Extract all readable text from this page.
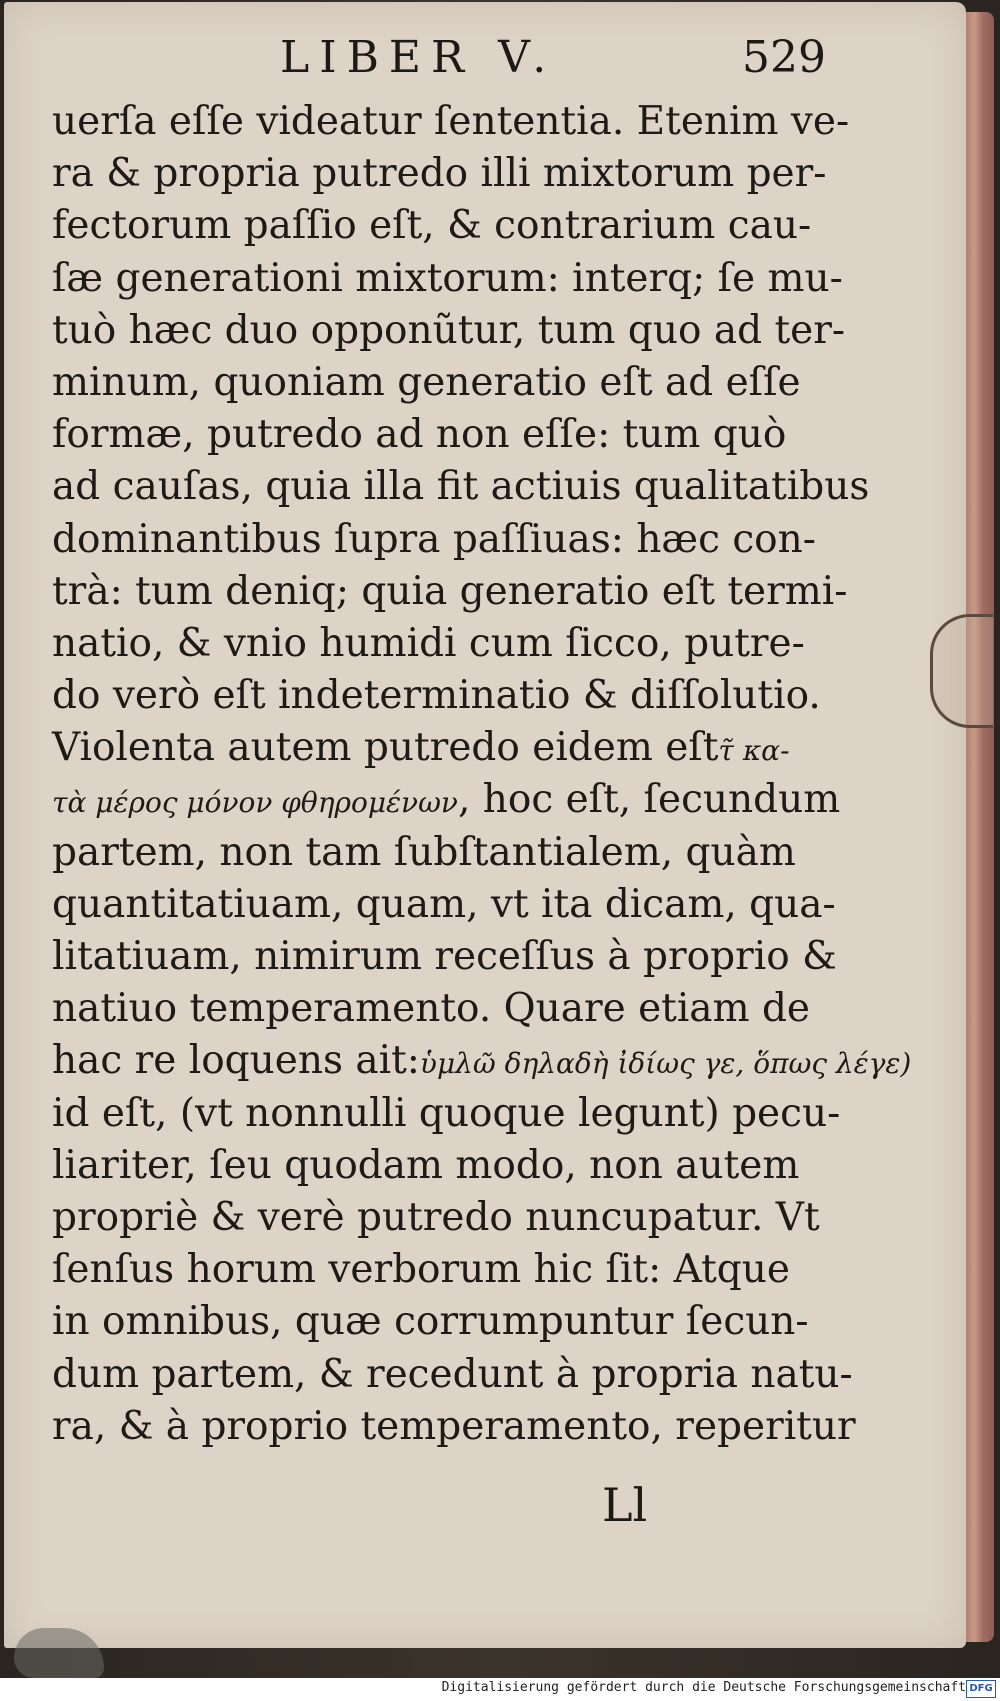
LIBER V.	529
uerſa eſſe videatur ſententia. Etenim ve-
ra & propria putredo illi mixtorum per-
fectorum paſſio eſt, & contrarium cau-
ſæ generationi mixtorum: interq; ſe mu-
tuò hæc duo opponũtur, tum quo ad ter-
minum, quoniam generatio eſt ad eſſe
formæ, putredo ad non eſſe: tum quò
ad cauſas, quia illa fit actiuis qualitatibus
dominantibus ſupra paſſiuas: hæc con-
trà: tum deniq; quia generatio eſt termi-
natio, & vnio humidi cum ſicco, putre-
do verò eſt indeterminatio & diſſolutio.
Violenta autem putredo eidem eſtτ̃ κα-
τὰ μέρος μόνον φθηρομένων, hoc eſt, ſecundum
partem, non tam ſubſtantialem, quàm
quantitatiuam, quam, vt ita dicam, qua-
litatiuam, nimirum receſſus à proprio &
natiuo temperamento. Quare etiam de
hac re loquens ait:ὑμλῶ δηλαδὴ ἰδίως γε, ὅπως λέγε)
id eſt, (vt nonnulli quoque legunt) pecu-
liariter, ſeu quodam modo, non autem
propriè & verè putredo nuncupatur. Vt
ſenſus horum verborum hic ſit: Atque
in omnibus, quæ corrumpuntur ſecun-
dum partem, & recedunt à propria natu-
ra, & à proprio temperamento, reperitur
Ll
Digitalisierung gefördert durch die Deutsche Forschungsgemeinschaft DFG
